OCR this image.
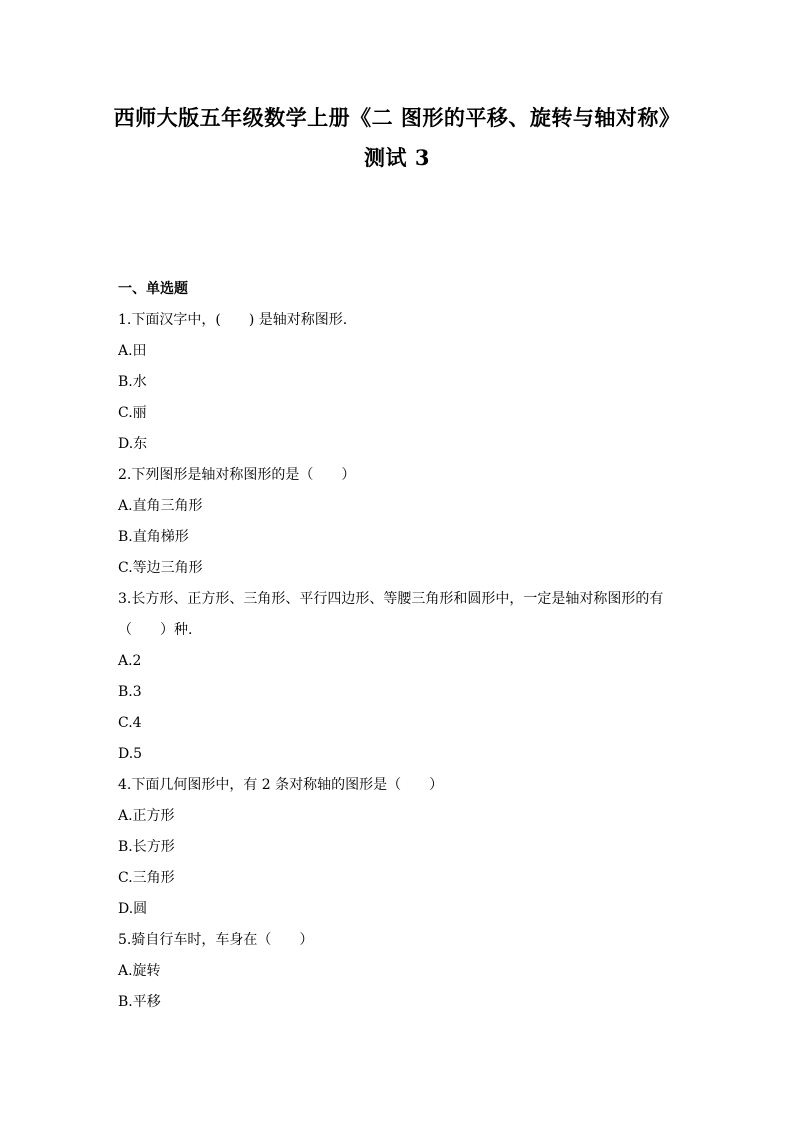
西师大版五年级数学上册《二 图形的平移、旋转与轴对称》
测试 3
一、单选题
1.下面汉字中，(　　) 是轴对称图形.
A.田
B.水
C.丽
D.东
2.下列图形是轴对称图形的是（　　）
A.直角三角形
B.直角梯形
C.等边三角形
3.长方形、正方形、三角形、平行四边形、等腰三角形和圆形中，一定是轴对称图形的有
（　　）种.
A.2
B.3
C.4
D.5
4.下面几何图形中，有 2 条对称轴的图形是（　　）
A.正方形
B.长方形
C.三角形
D.圆
5.骑自行车时，车身在（　　）
A.旋转
B.平移
